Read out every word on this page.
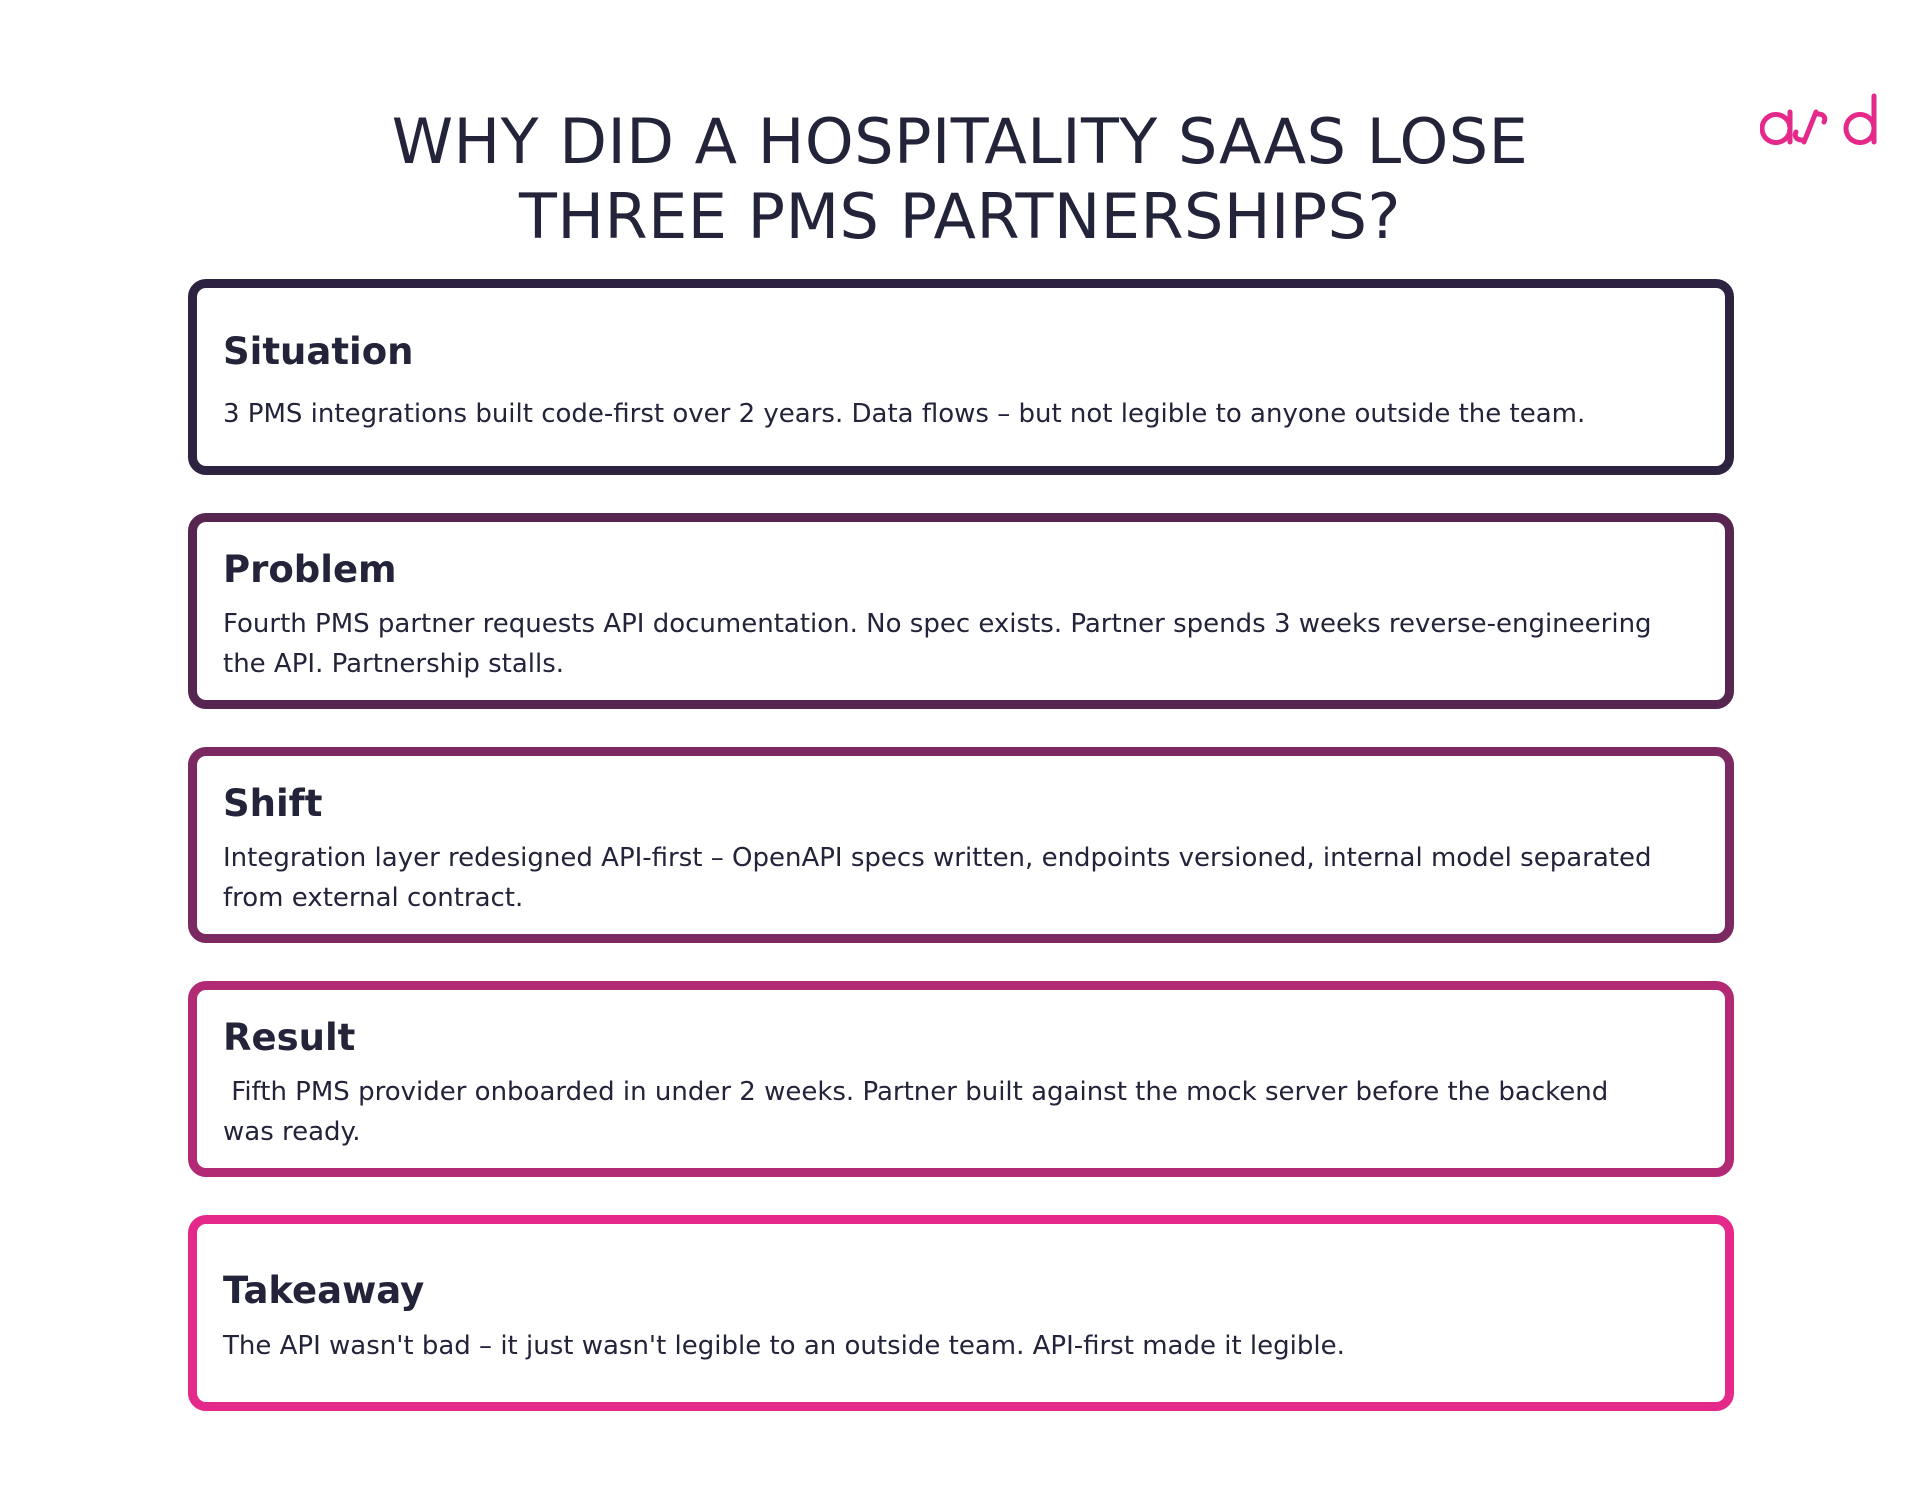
WHY DID A HOSPITALITY SAAS LOSE
THREE PMS PARTNERSHIPS?
Situation

3 PMS integrations built code-first over 2 years. Data flows – but not legible to anyone outside the team.

Problem

Fourth PMS partner requests API documentation. No spec exists. Partner spends 3 weeks reverse-engineering the API. Partnership stalls.

Shift

Integration layer redesigned API-first – OpenAPI specs written, endpoints versioned, internal model separated from external contract.

Result

Fifth PMS provider onboarded in under 2 weeks. Partner built against the mock server before the backend was ready.

Takeaway

The API wasn't bad – it just wasn't legible to an outside team. API-first made it legible.
